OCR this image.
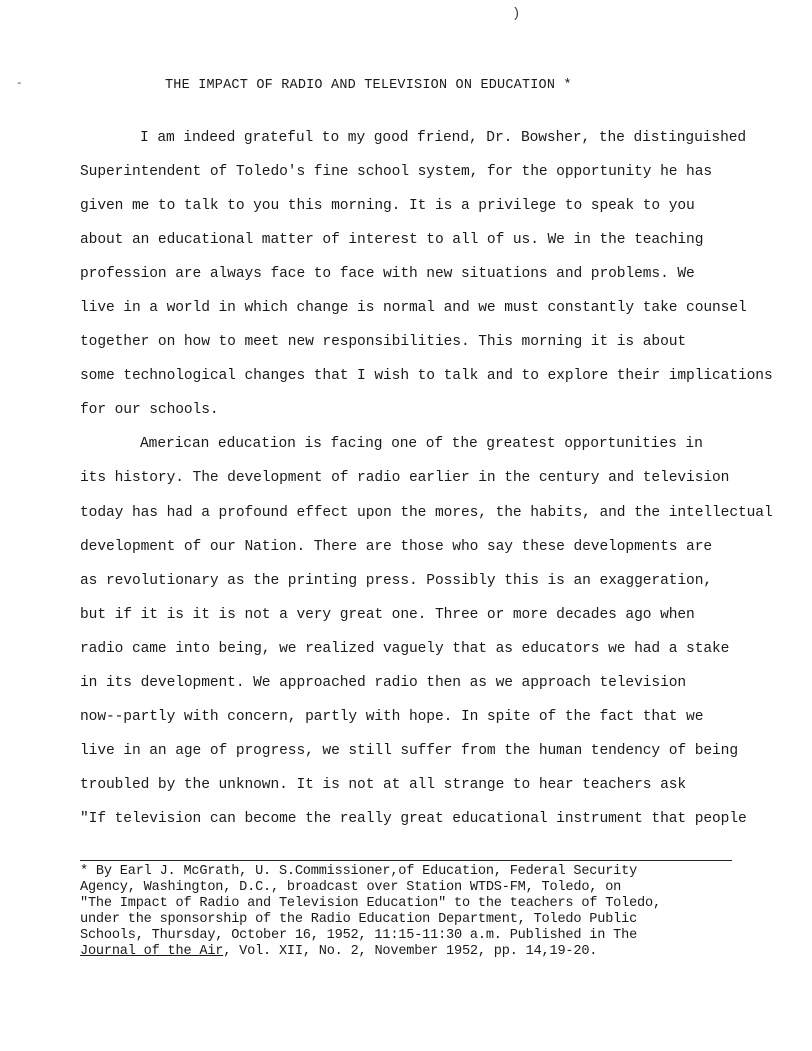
)
-	THE IMPACT OF RADIO AND TELEVISION ON EDUCATION *
I am indeed grateful to my good friend, Dr. Bowsher, the distinguished
Superintendent of Toledo's fine school system, for the opportunity he has
given me to talk to you this morning. It is a privilege to speak to you
about an educational matter of interest to all of us. We in the teaching
profession are always face to face with new situations and problems. We
live in a world in which change is normal and we must constantly take counsel
together on how to meet new responsibilities. This morning it is about
some technological changes that I wish to talk and to explore their implications
for our schools.
American education is facing one of the greatest opportunities in
its history. The development of radio earlier in the century and television
today has had a profound effect upon the mores, the habits, and the intellectual
development of our Nation. There are those who say these developments are
as revolutionary as the printing press. Possibly this is an exaggeration,
but if it is it is not a very great one. Three or more decades ago when
radio came into being, we realized vaguely that as educators we had a stake
in its development. We approached radio then as we approach television
now--partly with concern, partly with hope. In spite of the fact that we
live in an age of progress, we still suffer from the human tendency of being
troubled by the unknown. It is not at all strange to hear teachers ask
"If television can become the really great educational instrument that people
* By Earl J. McGrath, U. S.Commissioner,of Education, Federal Security
Agency, Washington, D.C., broadcast over Station WTDS-FM, Toledo, on
"The Impact of Radio and Television Education" to the teachers of Toledo,
under the sponsorship of the Radio Education Department, Toledo Public
Schools, Thursday, October 16, 1952, 11:15-11:30 a.m. Published in The
Journal of the Air, Vol. XII, No. 2, November 1952, pp. 14,19-20.
